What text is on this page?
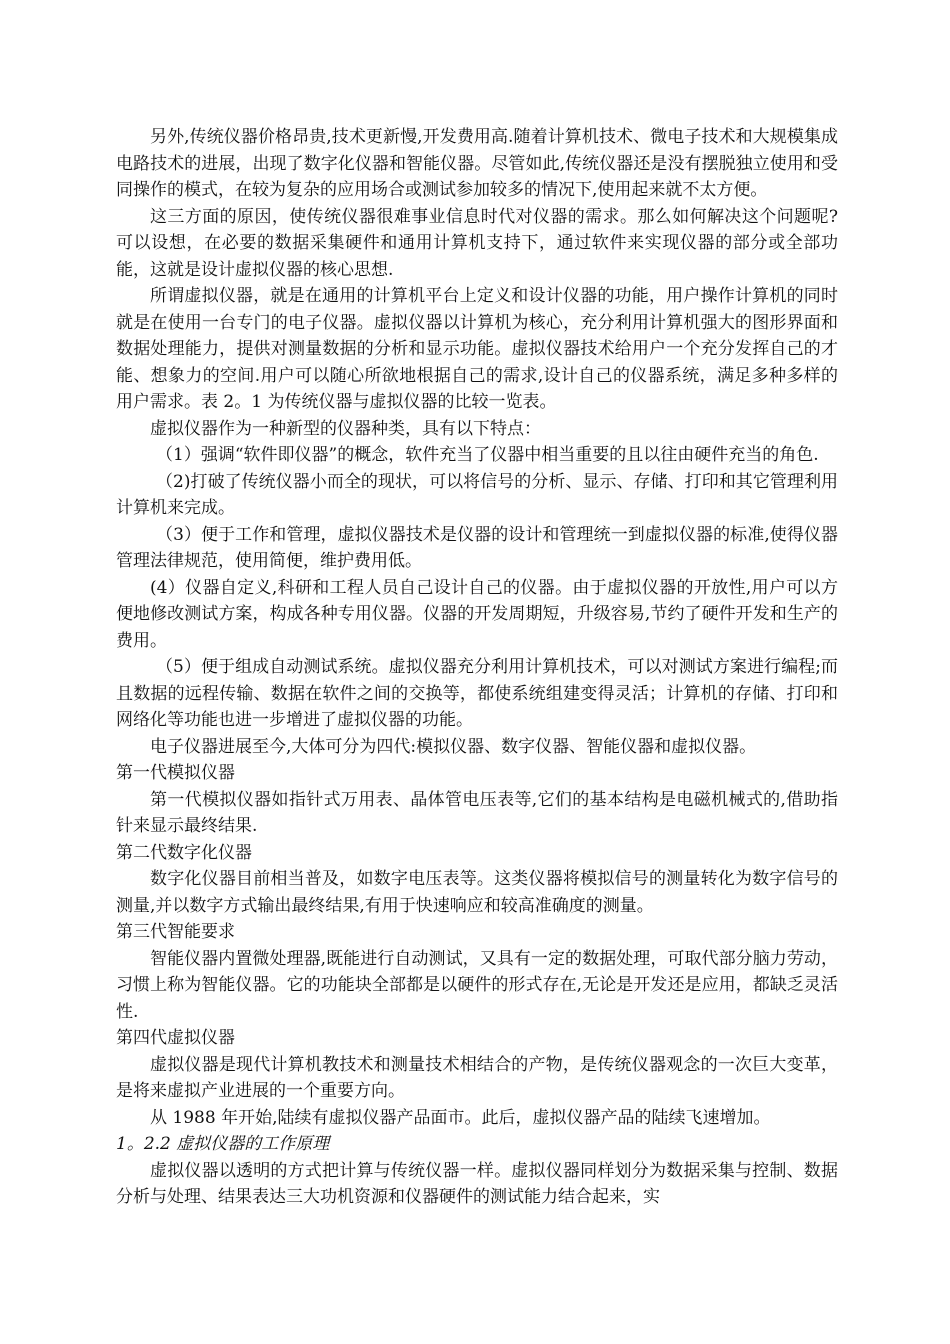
另外,传统仪器价格昂贵,技术更新慢,开发费用高.随着计算机技术、微电子技术和大规模集成电路技术的进展，出现了数字化仪器和智能仪器。尽管如此,传统仪器还是没有摆脱独立使用和受同操作的模式，在较为复杂的应用场合或测试参加较多的情况下,使用起来就不太方便。

这三方面的原因，使传统仪器很难事业信息时代对仪器的需求。那么如何解决这个问题呢?可以设想，在必要的数据采集硬件和通用计算机支持下，通过软件来实现仪器的部分或全部功能，这就是设计虚拟仪器的核心思想.

所谓虚拟仪器，就是在通用的计算机平台上定义和设计仪器的功能，用户操作计算机的同时就是在使用一台专门的电子仪器。虚拟仪器以计算机为核心，充分利用计算机强大的图形界面和数据处理能力，提供对测量数据的分析和显示功能。虚拟仪器技术给用户一个充分发挥自己的才能、想象力的空间.用户可以随心所欲地根据自己的需求,设计自己的仪器系统，满足多种多样的用户需求。表 2。1 为传统仪器与虚拟仪器的比较一览表。

虚拟仪器作为一种新型的仪器种类，具有以下特点：

（1）强调“软件即仪器”的概念，软件充当了仪器中相当重要的且以往由硬件充当的角色.

（2)打破了传统仪器小而全的现状，可以将信号的分析、显示、存储、打印和其它管理利用计算机来完成。

（3）便于工作和管理，虚拟仪器技术是仪器的设计和管理统一到虚拟仪器的标准,使得仪器管理法律规范，使用简便，维护费用低。

(4）仪器自定义,科研和工程人员自己设计自己的仪器。由于虚拟仪器的开放性,用户可以方便地修改测试方案，构成各种专用仪器。仪器的开发周期短，升级容易,节约了硬件开发和生产的费用。

（5）便于组成自动测试系统。虚拟仪器充分利用计算机技术，可以对测试方案进行编程;而且数据的远程传输、数据在软件之间的交换等，都使系统组建变得灵活；计算机的存储、打印和网络化等功能也进一步增进了虚拟仪器的功能。

电子仪器进展至今,大体可分为四代:模拟仪器、数字仪器、智能仪器和虚拟仪器。

第一代模拟仪器

第一代模拟仪器如指针式万用表、晶体管电压表等,它们的基本结构是电磁机械式的,借助指针来显示最终结果.

第二代数字化仪器

数字化仪器目前相当普及，如数字电压表等。这类仪器将模拟信号的测量转化为数字信号的测量,并以数字方式输出最终结果,有用于快速响应和较高准确度的测量。

第三代智能要求

智能仪器内置微处理器,既能进行自动测试，又具有一定的数据处理，可取代部分脑力劳动，习惯上称为智能仪器。它的功能块全部都是以硬件的形式存在,无论是开发还是应用，都缺乏灵活性.

第四代虚拟仪器

虚拟仪器是现代计算机教技术和测量技术相结合的产物，是传统仪器观念的一次巨大变革，是将来虚拟产业进展的一个重要方向。

从 1988 年开始,陆续有虚拟仪器产品面市。此后，虚拟仪器产品的陆续飞速增加。

1。2.2 虚拟仪器的工作原理

虚拟仪器以透明的方式把计算与传统仪器一样。虚拟仪器同样划分为数据采集与控制、数据分析与处理、结果表达三大功机资源和仪器硬件的测试能力结合起来，实
